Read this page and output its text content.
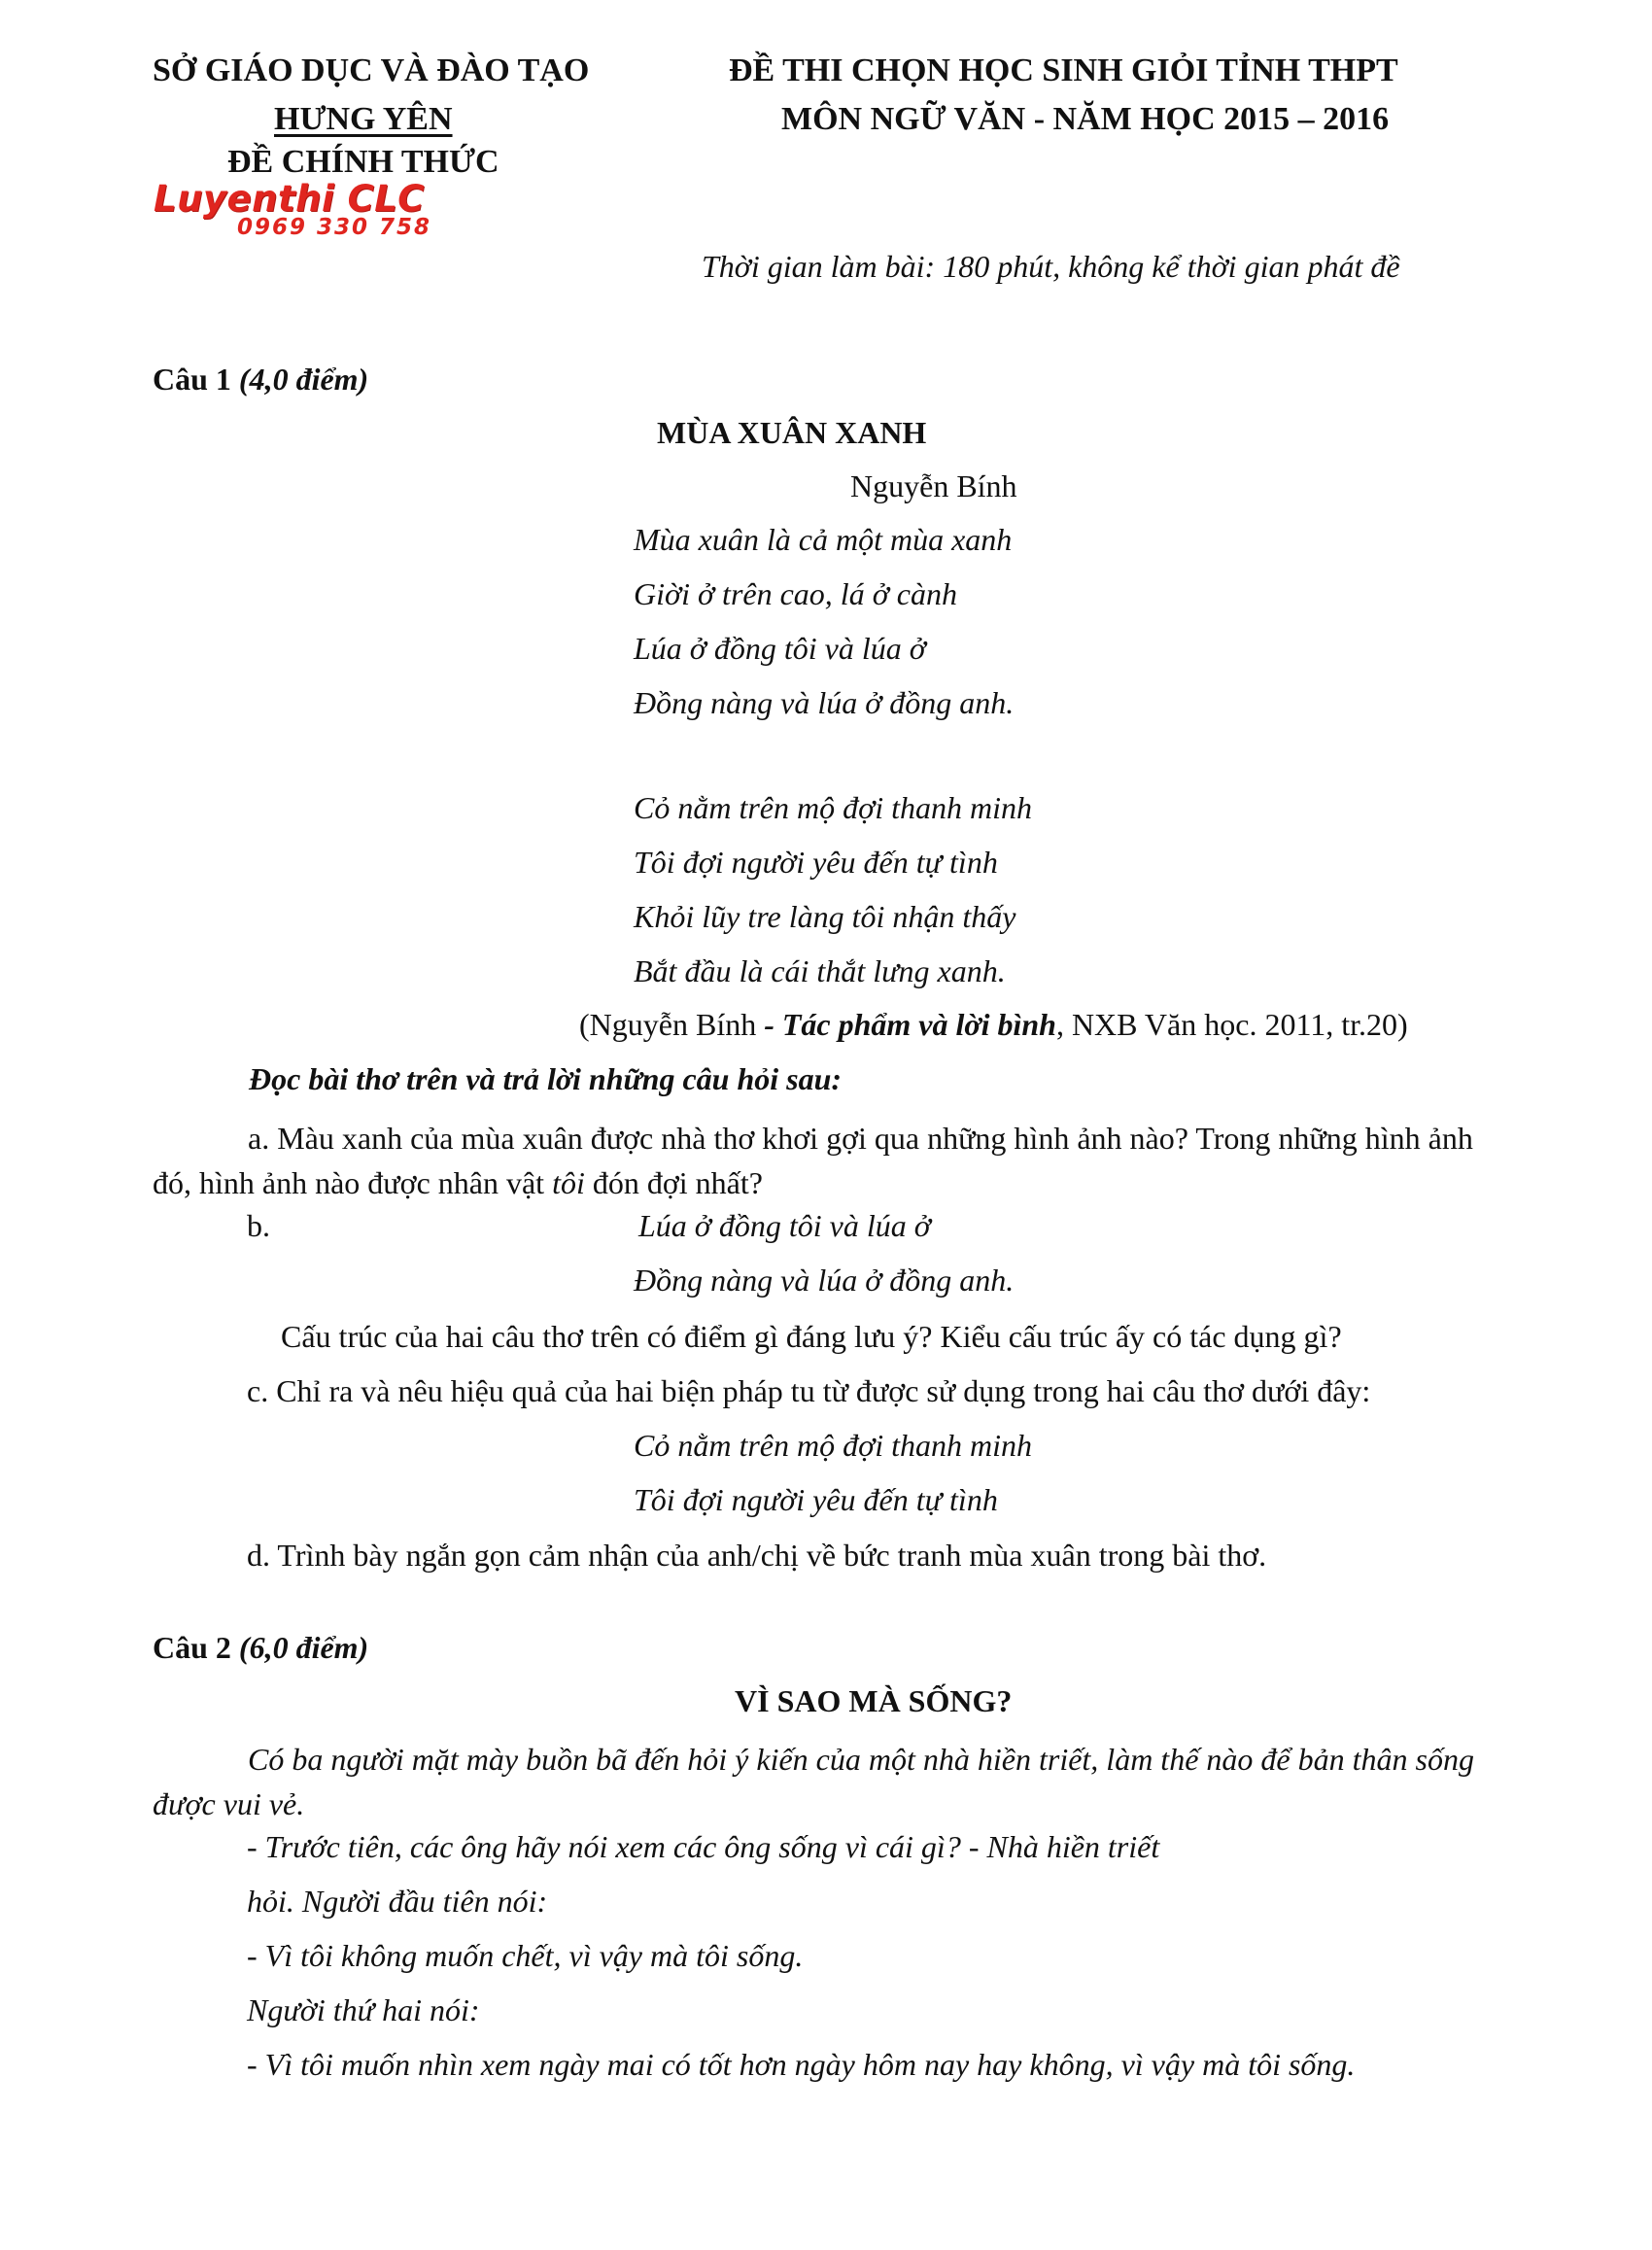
SỞ GIÁO DỤC VÀ ĐÀO TẠO
HƯNG YÊN
ĐỀ CHÍNH THỨC
ĐỀ THI CHỌN HỌC SINH GIỎI TỈNH THPT
MÔN NGỮ VĂN - NĂM HỌC 2015 – 2016
Luyenthi CLC
0969 330 758
Thời gian làm bài: 180 phút, không kể thời gian phát đề
Câu 1 (4,0 điểm)
MÙA XUÂN XANH
Nguyễn Bính
Mùa xuân là cả một mùa xanh
Giời ở trên cao, lá ở cành
Lúa ở đồng tôi và lúa ở
Đồng nàng và lúa ở đồng anh.
Cỏ nằm trên mộ đợi thanh minh
Tôi đợi người yêu đến tự tình
Khỏi lũy tre làng tôi nhận thấy
Bắt đầu là cái thắt lưng xanh.
(Nguyễn Bính - Tác phẩm và lời bình, NXB Văn học. 2011, tr.20)
Đọc bài thơ trên và trả lời những câu hỏi sau:
a. Màu xanh của mùa xuân được nhà thơ khơi gợi qua những hình ảnh nào? Trong những hình ảnh đó, hình ảnh nào được nhân vật tôi đón đợi nhất?
b.	Lúa ở đồng tôi và lúa ở
Đồng nàng và lúa ở đồng anh.
Cấu trúc của hai câu thơ trên có điểm gì đáng lưu ý? Kiểu cấu trúc ấy có tác dụng gì?
c. Chỉ ra và nêu hiệu quả của hai biện pháp tu từ được sử dụng trong hai câu thơ dưới đây:
Cỏ nằm trên mộ đợi thanh minh
Tôi đợi người yêu đến tự tình
d. Trình bày ngắn gọn cảm nhận của anh/chị về bức tranh mùa xuân trong bài thơ.
Câu 2 (6,0 điểm)
VÌ SAO MÀ SỐNG?
Có ba người mặt mày buồn bã đến hỏi ý kiến của một nhà hiền triết, làm thế nào để bản thân sống được vui vẻ.
- Trước tiên, các ông hãy nói xem các ông sống vì cái gì? - Nhà hiền triết
hỏi. Người đầu tiên nói:
- Vì tôi không muốn chết, vì vậy mà tôi sống.
Người thứ hai nói:
- Vì tôi muốn nhìn xem ngày mai có tốt hơn ngày hôm nay hay không, vì vậy mà tôi sống.
